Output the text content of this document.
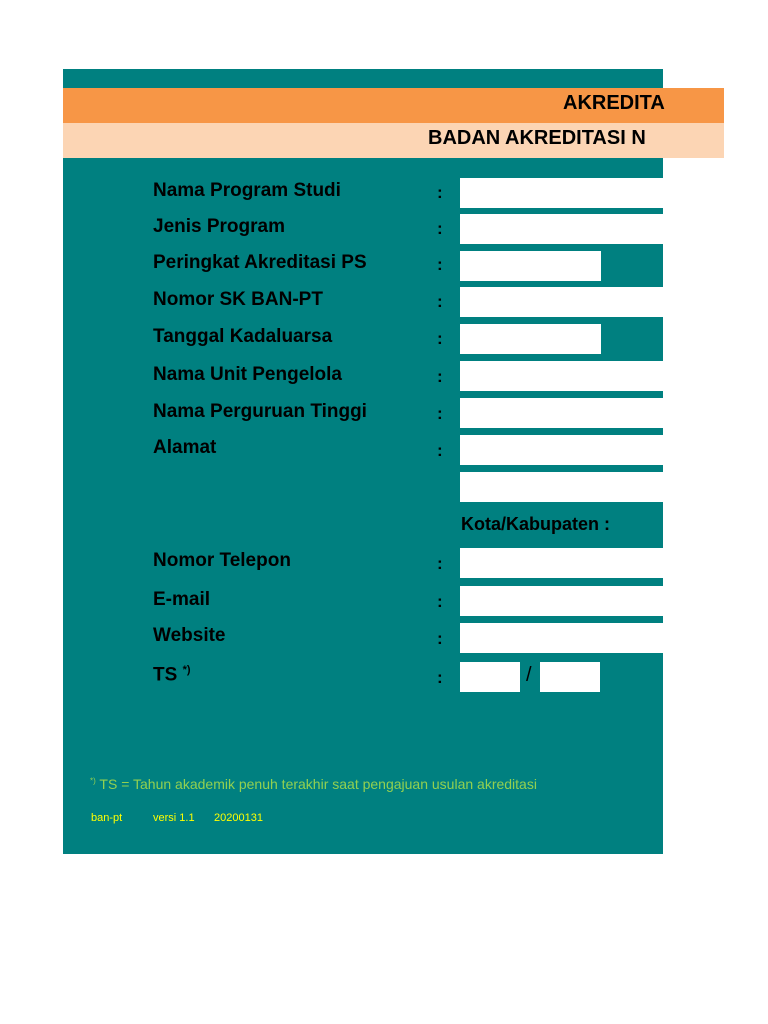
AKREDITA
BADAN AKREDITASI N
Nama Program Studi	:
Jenis Program	:
Peringkat Akreditasi PS	:
Nomor SK BAN-PT	:
Tanggal Kadaluarsa	:
Nama Unit Pengelola	:
Nama Perguruan Tinggi	:
Alamat	:
Kota/Kabupaten :
Nomor Telepon	:
E-mail	:
Website	:
TS *)	:	/
*) TS = Tahun akademik penuh terakhir saat pengajuan usulan akreditasi
ban-pt	versi 1.1 20200131
